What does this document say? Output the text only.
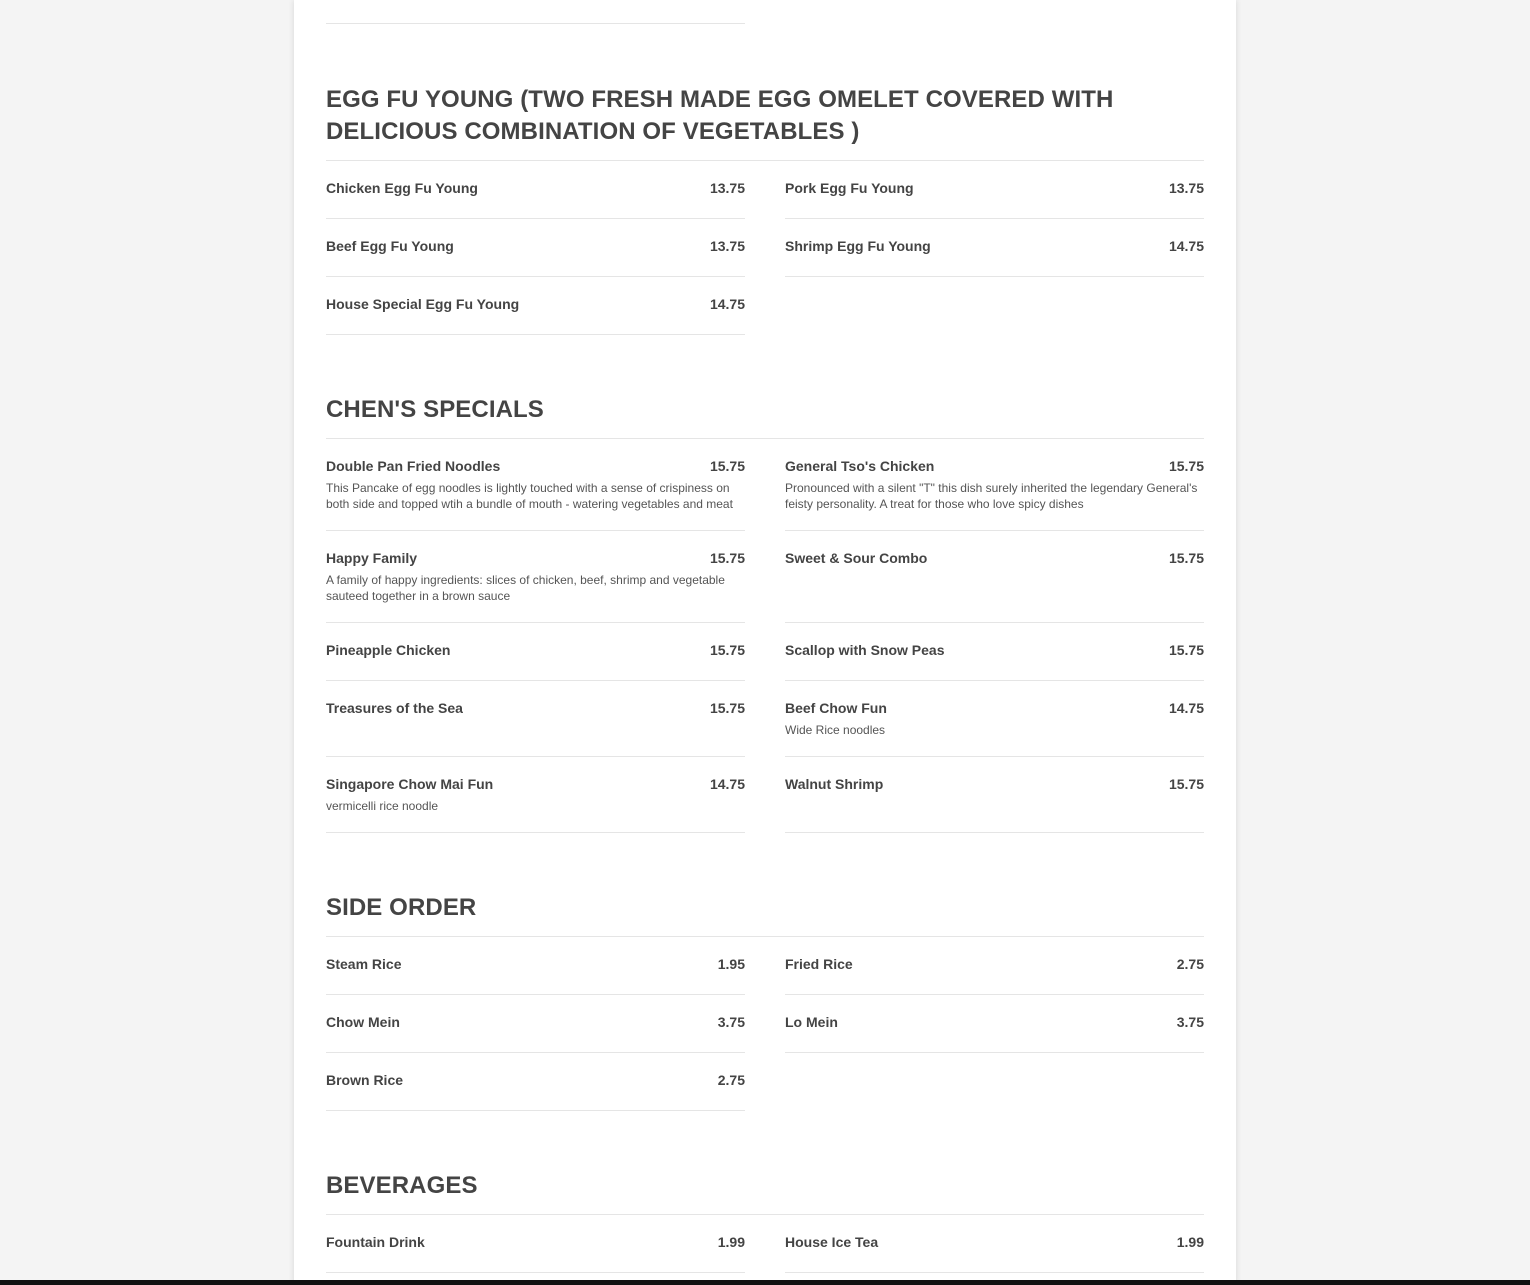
EGG FU YOUNG (TWO FRESH MADE EGG OMELET COVERED WITH DELICIOUS COMBINATION OF VEGETABLES )
Chicken Egg Fu Young	13.75	Pork Egg Fu Young	13.75
Beef Egg Fu Young	13.75	Shrimp Egg Fu Young	14.75
House Special Egg Fu Young	14.75
CHEN'S SPECIALS
Double Pan Fried Noodles	15.75
This Pancake of egg noodles is lightly touched with a sense of crispiness on both side and topped wtih a bundle of mouth - watering vegetables and meat
General Tso's Chicken	15.75
Pronounced with a silent "T" this dish surely inherited the legendary General's feisty personality. A treat for those who love spicy dishes
Happy Family	15.75
A family of happy ingredients: slices of chicken, beef, shrimp and vegetable sauteed together in a brown sauce
Sweet & Sour Combo	15.75
Pineapple Chicken	15.75	Scallop with Snow Peas	15.75
Treasures of the Sea	15.75	Beef Chow Fun	14.75
Wide Rice noodles
Singapore Chow Mai Fun	14.75
vermicelli rice noodle
Walnut Shrimp	15.75
SIDE ORDER
Steam Rice	1.95	Fried Rice	2.75
Chow Mein	3.75	Lo Mein	3.75
Brown Rice	2.75
BEVERAGES
Fountain Drink	1.99	House Ice Tea	1.99
